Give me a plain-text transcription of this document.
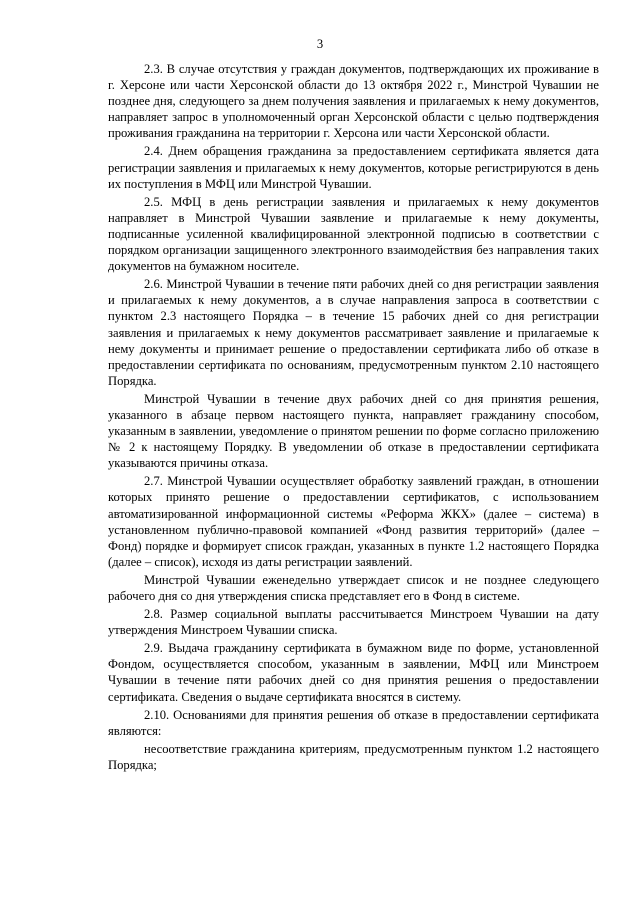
3

2.3. В случае отсутствия у граждан документов, подтверждающих их проживание в г. Херсоне или части Херсонской области до 13 октября 2022 г., Минстрой Чувашии не позднее дня, следующего за днем получения заявления и прилагаемых к нему документов, направляет запрос в уполномоченный орган Херсонской области с целью подтверждения проживания гражданина на территории г. Херсона или части Херсонской области.

2.4. Днем обращения гражданина за предоставлением сертификата является дата регистрации заявления и прилагаемых к нему документов, которые регистрируются в день их поступления в МФЦ или Минстрой Чувашии.

2.5. МФЦ в день регистрации заявления и прилагаемых к нему документов направляет в Минстрой Чувашии заявление и прилагаемые к нему документы, подписанные усиленной квалифицированной электронной подписью в соответствии с порядком организации защищенного электронного взаимодействия без направления таких документов на бумажном носителе.

2.6. Минстрой Чувашии в течение пяти рабочих дней со дня регистрации заявления и прилагаемых к нему документов, а в случае направления запроса в соответствии с пунктом 2.3 настоящего Порядка – в течение 15 рабочих дней со дня регистрации заявления и прилагаемых к нему документов рассматривает заявление и прилагаемые к нему документы и принимает решение о предоставлении сертификата либо об отказе в предоставлении сертификата по основаниям, предусмотренным пунктом 2.10 настоящего Порядка.

Минстрой Чувашии в течение двух рабочих дней со дня принятия решения, указанного в абзаце первом настоящего пункта, направляет гражданину способом, указанным в заявлении, уведомление о принятом решении по форме согласно приложению № 2 к настоящему Порядку. В уведомлении об отказе в предоставлении сертификата указываются причины отказа.

2.7. Минстрой Чувашии осуществляет обработку заявлений граждан, в отношении которых принято решение о предоставлении сертификатов, с использованием автоматизированной информационной системы «Реформа ЖКХ» (далее – система) в установленном публично-правовой компанией «Фонд развития территорий» (далее – Фонд) порядке и формирует список граждан, указанных в пункте 1.2 настоящего Порядка (далее – список), исходя из даты регистрации заявлений.

Минстрой Чувашии еженедельно утверждает список и не позднее следующего рабочего дня со дня утверждения списка представляет его в Фонд в системе.

2.8. Размер социальной выплаты рассчитывается Минстроем Чувашии на дату утверждения Минстроем Чувашии списка.

2.9. Выдача гражданину сертификата в бумажном виде по форме, установленной Фондом, осуществляется способом, указанным в заявлении, МФЦ или Минстроем Чувашии в течение пяти рабочих дней со дня принятия решения о предоставлении сертификата. Сведения о выдаче сертификата вносятся в систему.

2.10. Основаниями для принятия решения об отказе в предоставлении сертификата являются:

несоответствие гражданина критериям, предусмотренным пунктом 1.2 настоящего Порядка;
